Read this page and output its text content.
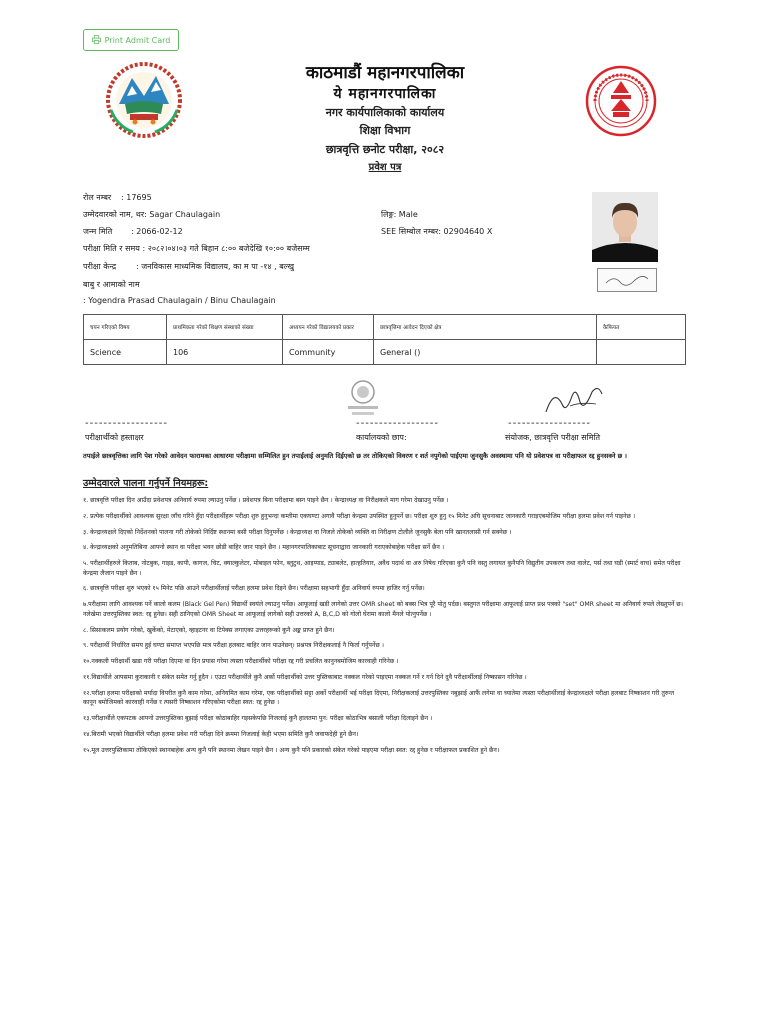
Print Admit Card
काठमाडौं महानगरपालिका
ये महानगरपालिका
नगर कार्यपालिकाको कार्यालय
शिक्षा विभाग
छात्रवृत्ति छनोट परीक्षा, २०८२
प्रवेश पत्र
रोल नम्बर : 17695
उम्मेदवारको नाम, थर: Sagar Chaulagain	लिङ्ग: Male
जन्म मिति : 2066-02-12	SEE सिम्बोल नम्बर: 02904640 X
परीक्षा मिति र समय : २०८२।०४।०३ गते बिहान ८:०० बजेदेखि १०:०० बजेसम्म
परीक्षा केन्द्र : जनविकास माध्यमिक विद्यालय, का म पा -१४ , बल्खु
बाबु र आमाको नाम
: Yogendra Prasad Chaulagain / Binu Chaulagain
चयन गरिएको विषय	प्राथमिकता गरेको शिक्षण संस्थाको संख्या	अध्ययन गरेको विद्यालयको प्रकार	छात्रवृत्तिमा आवेदन दिएको क्षेत्र	कैफियत
Science	106	Community	General ()	
------------------
परीक्षार्थीको हस्ताक्षर
------------------
कार्यालयको छाप:
------------------
संयोजक, छात्रवृत्ति परीक्षा समिति
तपाईले छात्रवृत्तिका लागि पेश गरेको आवेदन फारामका आधारमा परीक्षामा सम्मिलित हुन तपाईलाई अनुमति दिईएको छ तर तोकिएको विवरण र शर्त नपुगेको पाईएमा जुनसुकै अवस्थामा पनि यो प्रवेशपत्र वा परीक्षाफल रद्द हुनसक्ने छ ।
उम्मेदवारले पालना गर्नुपर्ने नियमहरू:
१. छात्रवृत्ति परीक्षा दिन आउँदा प्रवेशपत्र अनिवार्य रुपमा ल्याउनु पर्नेछ । प्रवेशपत्र बिना परीक्षामा बस्न पाइने छैन । केन्द्राध्यक्ष वा निरीक्षकले माग गरेमा देखाउनु पर्नेछ ।
२. प्रत्येक परीक्षार्थीको आवश्यक सुरक्षा जाँच गरिने हुँदा परीक्षार्थीहरू परीक्षा शुरु हुनुभन्दा कम्तीमा एकघण्टा अगावै परीक्षा केन्द्रमा उपस्थित हुनुपर्ने छ। परीक्षा शुरु हुनु १५ मिनेट अघि सूचनाबाट जानकारी गराइएबमोजिम परीक्षा हलमा प्रवेश गर्न पाइनेछ ।
३. केन्द्राध्यक्षले दिएको निर्देशनको पालना गरी तोकेको निर्दिष्ट स्थानमा बसी परीक्षा दिनुपर्नेछ । केन्द्राध्यक्ष वा निजले तोकेको व्यक्ति वा निरीक्षण टोलीले जुनसुकै बेला पनि खानतलासी गर्न सक्नेछ ।
४. केन्द्राध्यक्षको अनुमतिबिना आफ्नो स्थान वा परीक्षा भवन छोडी बाहिर जान पाइने छैन । महानगरपालिकाबाट सूचनाद्वारा जानकारी गराएकोबाहेक परीक्षा सर्ने छैन ।
५. परीक्षार्थीहरुले किताब, नोटबुक, गाइड, कापी, कागज, चिट, क्याल्कुलेटर, मोबाइल फोन, ब्लुटुथ, आइप्याड, ट्याबलेट, हात्हतियार, अवैध पदार्थ वा अरु निषेध गरिएका कुनै पनि वस्तु लगायत कुनैपनि विद्युतीय उपकरण तथा वालेट, पर्स तथा घडी (स्मार्ट वाच) समेत परीक्षा केन्द्रमा लैजान पाइने छैन ।
६. छात्रवृत्ति परीक्षा शुरु भएको १५ मिनेट पछि आउने परीक्षार्थीलाई परीक्षा हलमा प्रवेश दिइने छैन। परीक्षामा सहभागी हुँदा अनिवार्य रुपमा हाजिर गर्नु पर्नेछ।
७.परीक्षामा लागि आवश्यक पर्ने कालो कलम (Black Gel Pen) विद्यार्थी स्वयंले ल्याउनु पर्नेछ। आफूलाई खडी लागेको उत्तर OMR sheet को बक्स भित्र पूरै पोतु पर्दछ। बस्तुगत परीक्षामा आफूलाई प्राप्त प्रश्न पत्रको "set" OMR sheet मा अनिवार्य रुपले लेख्नुपर्ने छ। नलेखेमा उत्तरपुस्तिका स्वत: रद्द हुनेछ। सही ठानिएको OMR Sheet मा आफूलाई लागेको सही उत्तरको A, B,C,D को गोलो घेरामा कालो मैनले पोत्नुपर्नेछ ।
८. सिसाकलम प्रयोग गरेको, खुर्केको, मेटाएको, व्हाइटनर वा टिपेक्स लगाएका उत्तरहरूको कुनै अङ्क प्राप्त हुने छैन।
९. परीक्षार्थी निर्धारित समय हुई घण्टा समाप्त भएपछि मात्र परीक्षा हलबाट बाहिर जान पाउनेछन्। प्रश्नपत्र निरीक्षकलाई नै फिर्ता गर्नुपर्नेछ ।
१०.नक्कली परीक्षार्थी खडा गरी परीक्षा दिएमा वा दिन प्रयास गरेमा त्यस्ता परीक्षार्थीको परीक्षा रद्द गरी प्रचलित कानुनबमोजिम कारवाही गरिनेछ ।
११.विद्यार्थीले आपसमा कुराकानी र संकेत समेत गर्नु हुदैन । एउटा परीक्षार्थीले कुनै अर्को परीक्षार्थीको उत्तर पुस्तिकाबाट नक्कल गरेको पाइएमा नक्कल गर्ने र गर्न दिने दुवै परीक्षार्थीलाई निष्कासन गरिनेछ ।
१२.परीक्षा हलमा परीक्षाको मर्यादा विपरीत कुनै काम गरेमा, अनियमित काम गरेमा, एक परीक्षार्थीको सट्टा अर्को परीक्षार्थी भई परीक्षा दिएमा, निरीक्षकलाई उत्तरपुस्तिका नबुझाई आफैं लगेमा वा च्यातेमा त्यस्ता परीक्षार्थीलाई केन्द्राध्यक्षले परीक्षा हलबाट निष्काशन गरी तुरुन्त कानून बमोजिमको कारवाही गर्नेछ र त्यसरी निष्काशन गरिएकोमा परीक्षा स्वत: रद्द हुनेछ ।
१३.परीक्षार्थीले एकपटक आफ्नो उत्तरपुस्तिका बुझाई परीक्षा कोठाबाहिर गइसकेपछि निजलाई कुनै हालतमा पुन: परीक्षा कोठाभित्र बसाली परीक्षा दिलाइने छैन ।
१४.बिरामी भएको विद्यार्थीले परीक्षा हलमा प्रवेश गरी परीक्षा दिने क्रममा निजलाई केही भएमा समिति कुनै जवाफदेही हुने छैन।
१५.मूल उत्तरपुस्तिकामा तोकिएको स्थानबाहेक अन्य कुनै पनि स्थानमा लेखन पाइने छैन । अन्य कुनै पनि प्रकारको संकेत गरेको पाइएमा परीक्षा स्वत: रद्द हुनेछ र परीक्षाफल प्रकाशित हुने छैन।
